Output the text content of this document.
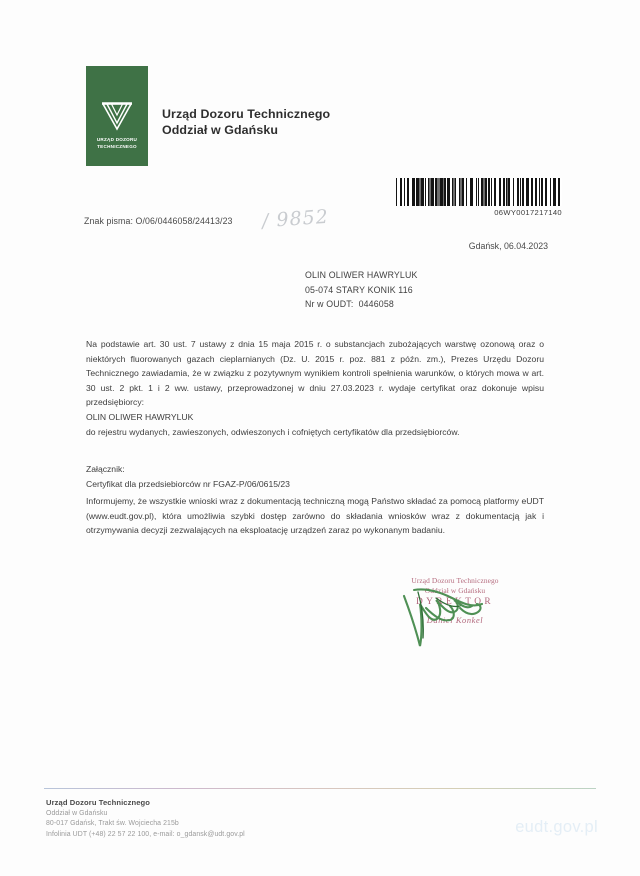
URZĄD DOZORU
TECHNICZNEGO
Urząd Dozoru Technicznego
Oddział w Gdańsku
06WY0017217140
Znak pisma: O/06/0446058/24413/23 / 9852
Gdańsk, 06.04.2023
OLIN OLIWER HAWRYLUK
05-074 STARY KONIK 116
Nr w OUDT:  0446058
Na podstawie art. 30 ust. 7 ustawy z dnia 15 maja 2015 r. o substancjach zubożających warstwę ozonową oraz o niektórych fluorowanych gazach cieplarnianych (Dz. U. 2015 r. poz. 881 z późn. zm.), Prezes Urzędu Dozoru Technicznego zawiadamia, że w związku z pozytywnym wynikiem kontroli spełnienia warunków, o których mowa w art. 30 ust. 2 pkt. 1 i 2 ww. ustawy, przeprowadzonej w dniu 27.03.2023 r. wydaje certyfikat oraz dokonuje wpisu przedsiębiorcy:
OLIN OLIWER HAWRYLUK
do rejestru wydanych, zawieszonych, odwieszonych i cofniętych certyfikatów dla przedsiębiorców.
Załącznik:
Certyfikat dla przedsiebiorców nr FGAZ-P/06/0615/23
Informujemy, że wszystkie wnioski wraz z dokumentacją techniczną mogą Państwo składać za pomocą platformy eUDT (www.eudt.gov.pl), która umożliwia szybki dostęp zarówno do składania wniosków wraz z dokumentacją jak i otrzymywania decyzji zezwalających na eksploatację urządzeń zaraz po wykonanym badaniu.
Urząd Dozoru Technicznego
Oddział w Gdańsku
DYREKTOR
Daniel Konkel
Urząd Dozoru Technicznego
Oddział w Gdańsku
80-017 Gdańsk, Trakt św. Wojciecha 215b
Infolinia UDT (+48) 22 57 22 100, e-mail: o_gdansk@udt.gov.pl	eudt.gov.pl
